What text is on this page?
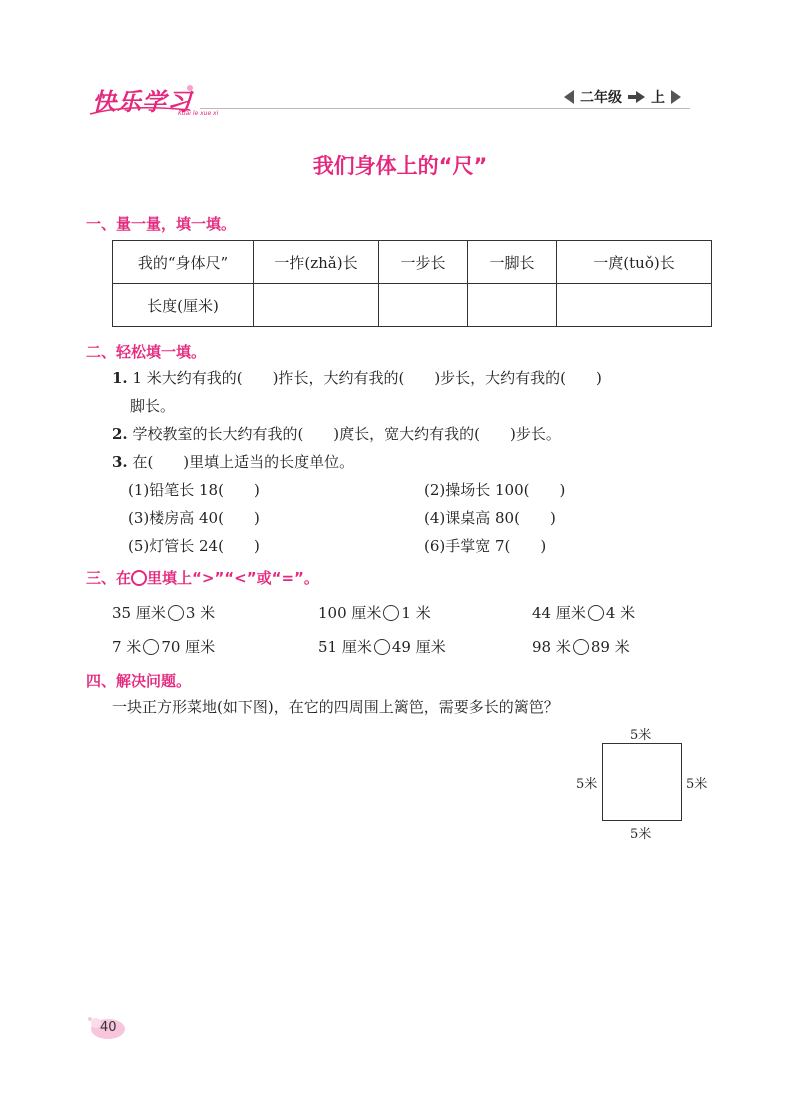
快乐学习
Kuai le xue xi
二年级 上
我们身体上的“尺”
一、量一量，填一填。
我的“身体尺”	一拃(zhǎ)长	一步长	一脚长	一庹(tuǒ)长
长度(厘米)				
二、轻松填一填。
1. 1 米大约有我的(　　)拃长，大约有我的(　　)步长，大约有我的(　　)
脚长。
2. 学校教室的长大约有我的(　　)庹长，宽大约有我的(　　)步长。
3. 在(　　)里填上适当的长度单位。
(1)铅笔长 18(　　)	(2)操场长 100(　　)
(3)楼房高 40(　　)	(4)课桌高 80(　　)
(5)灯管长 24(　　)	(6)手掌宽 7(　　)
三、在 里填上“>”“<”或“=”。
35 厘米 3 米	100 厘米 1 米	44 厘米 4 米
7 米 70 厘米	51 厘米 49 厘米	98 米 89 米
四、解决问题。
一块正方形菜地(如下图)，在它的四周围上篱笆，需要多长的篱笆？
5米
5米	5米
5米
40
